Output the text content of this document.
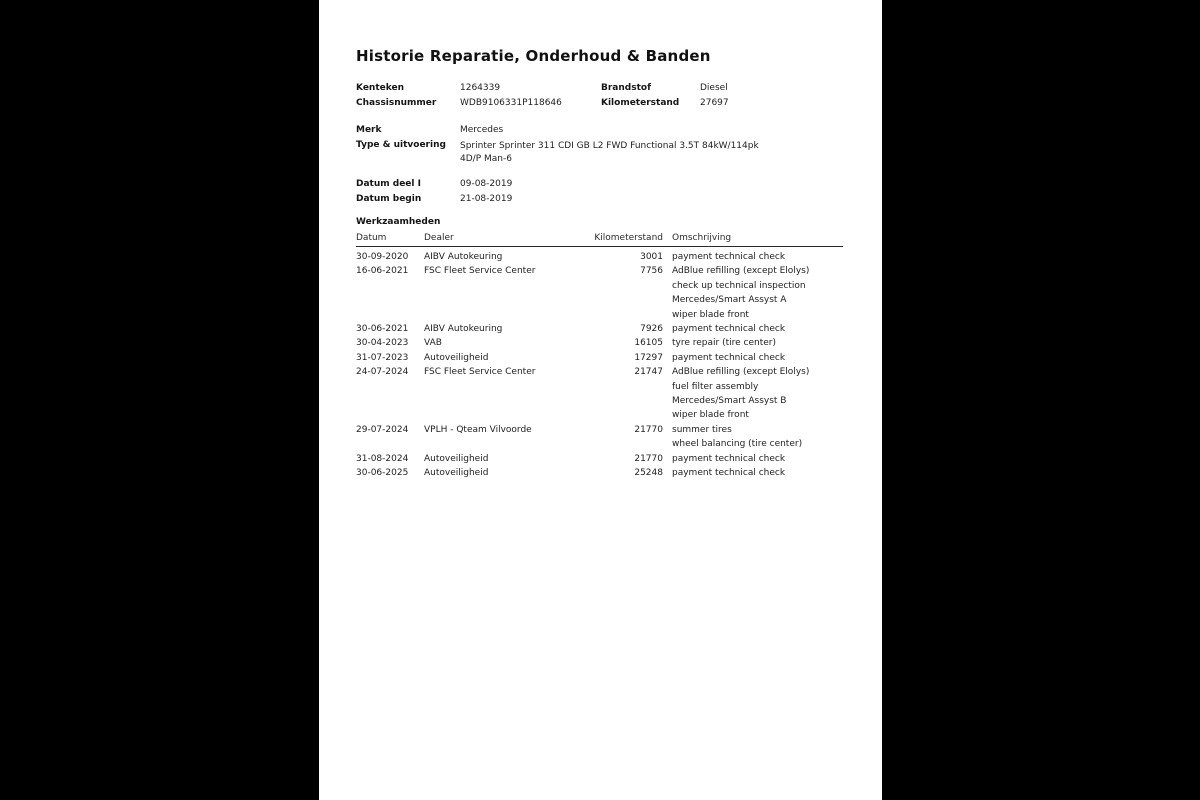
Historie Reparatie, Onderhoud & Banden
Kenteken	1264339	Brandstof	Diesel
Chassisnummer	WDB9106331P118646	Kilometerstand 27697
Merk	Mercedes
Type & uitvoering Sprinter Sprinter 311 CDI GB L2 FWD Functional 3.5T 84kW/114pk
4D/P Man-6
Datum deel I	09-08-2019
Datum begin	21-08-2019
Werkzaamheden
Datum	Dealer	Kilometerstand	Omschrijving
30-09-2020	AIBV Autokeuring	3001 payment technical check
16-06-2021	FSC Fleet Service Center	7756 AdBlue refilling (except Elolys)
check up technical inspection
Mercedes/Smart Assyst A
wiper blade front
30-06-2021	AIBV Autokeuring	7926 payment technical check
30-04-2023	VAB	16105 tyre repair (tire center)
31-07-2023	Autoveiligheid	17297 payment technical check
24-07-2024	FSC Fleet Service Center	21747 AdBlue refilling (except Elolys)
fuel filter assembly
Mercedes/Smart Assyst B
wiper blade front
29-07-2024	VPLH - Qteam Vilvoorde	21770 summer tires
wheel balancing (tire center)
31-08-2024	Autoveiligheid	21770 payment technical check
30-06-2025	Autoveiligheid	25248 payment technical check
